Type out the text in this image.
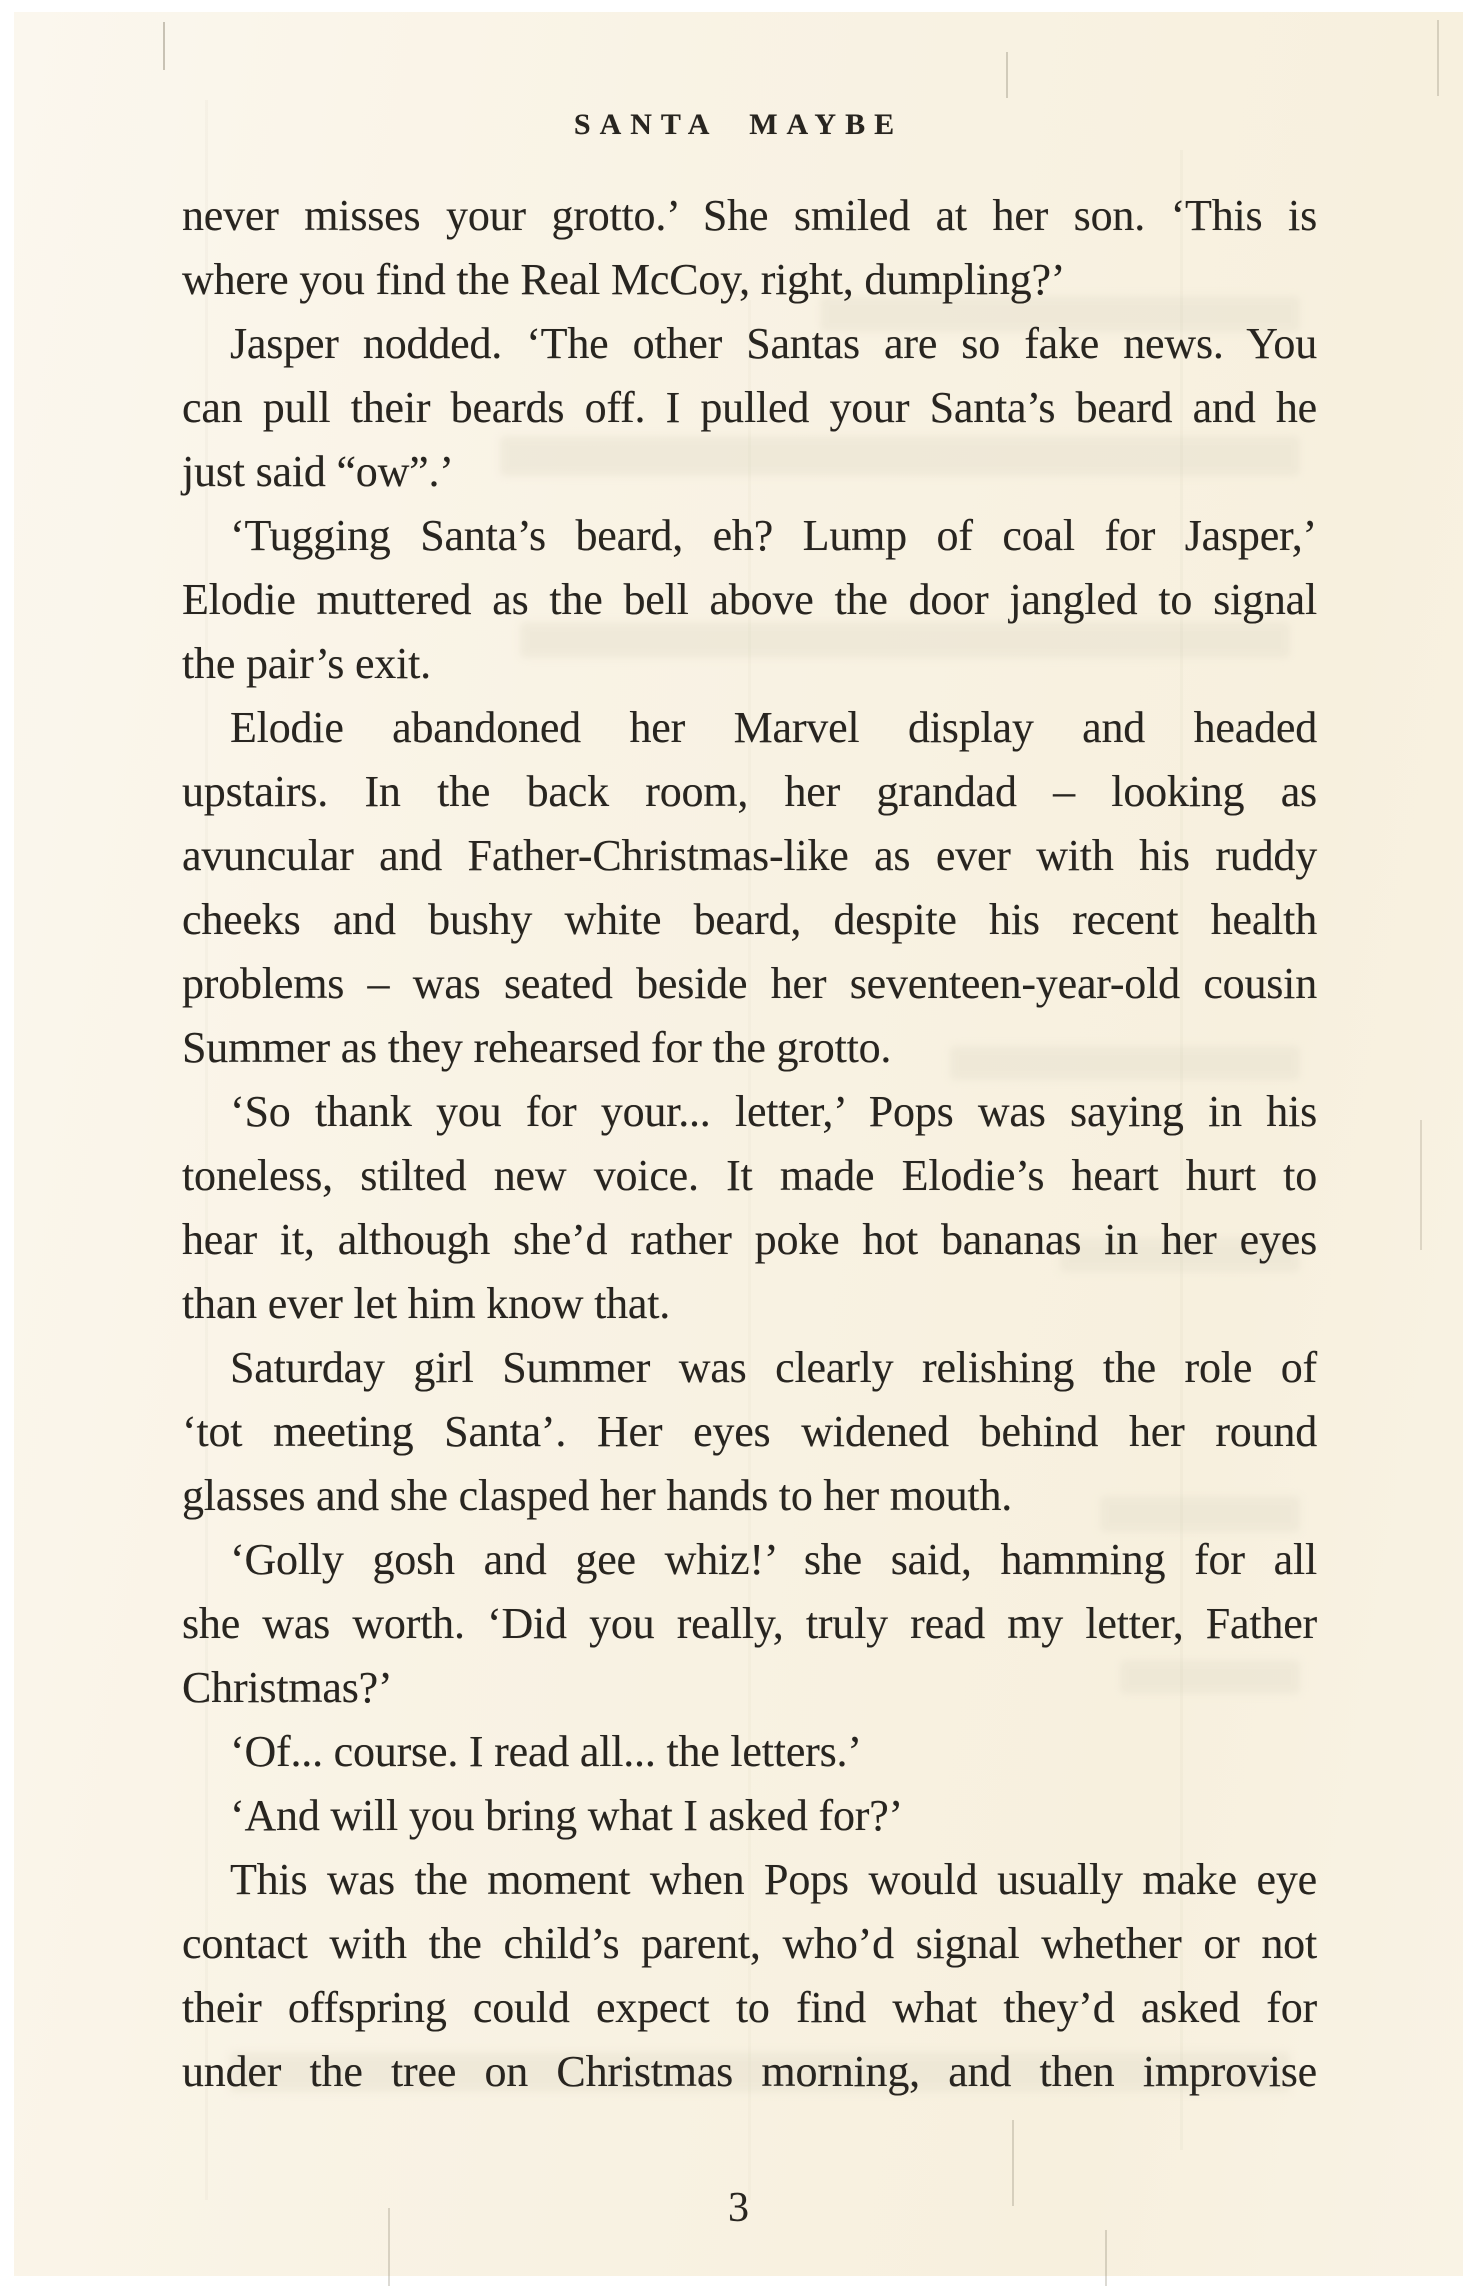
SANTA MAYBE
never misses your grotto.’ She smiled at her son. ‘This is
where you find the Real McCoy, right, dumpling?’
Jasper nodded. ‘The other Santas are so fake news. You
can pull their beards off. I pulled your Santa’s beard and he
just said “ow”.’
‘Tugging Santa’s beard, eh? Lump of coal for Jasper,’
Elodie muttered as the bell above the door jangled to signal
the pair’s exit.
Elodie abandoned her Marvel display and headed
upstairs. In the back room, her grandad – looking as
avuncular and Father-Christmas-like as ever with his ruddy
cheeks and bushy white beard, despite his recent health
problems – was seated beside her seventeen-year-old cousin
Summer as they rehearsed for the grotto.
‘So thank you for your... letter,’ Pops was saying in his
toneless, stilted new voice. It made Elodie’s heart hurt to
hear it, although she’d rather poke hot bananas in her eyes
than ever let him know that.
Saturday girl Summer was clearly relishing the role of
‘tot meeting Santa’. Her eyes widened behind her round
glasses and she clasped her hands to her mouth.
‘Golly gosh and gee whiz!’ she said, hamming for all
she was worth. ‘Did you really, truly read my letter, Father
Christmas?’
‘Of... course. I read all... the letters.’
‘And will you bring what I asked for?’
This was the moment when Pops would usually make eye
contact with the child’s parent, who’d signal whether or not
their offspring could expect to find what they’d asked for
under the tree on Christmas morning, and then improvise
3
